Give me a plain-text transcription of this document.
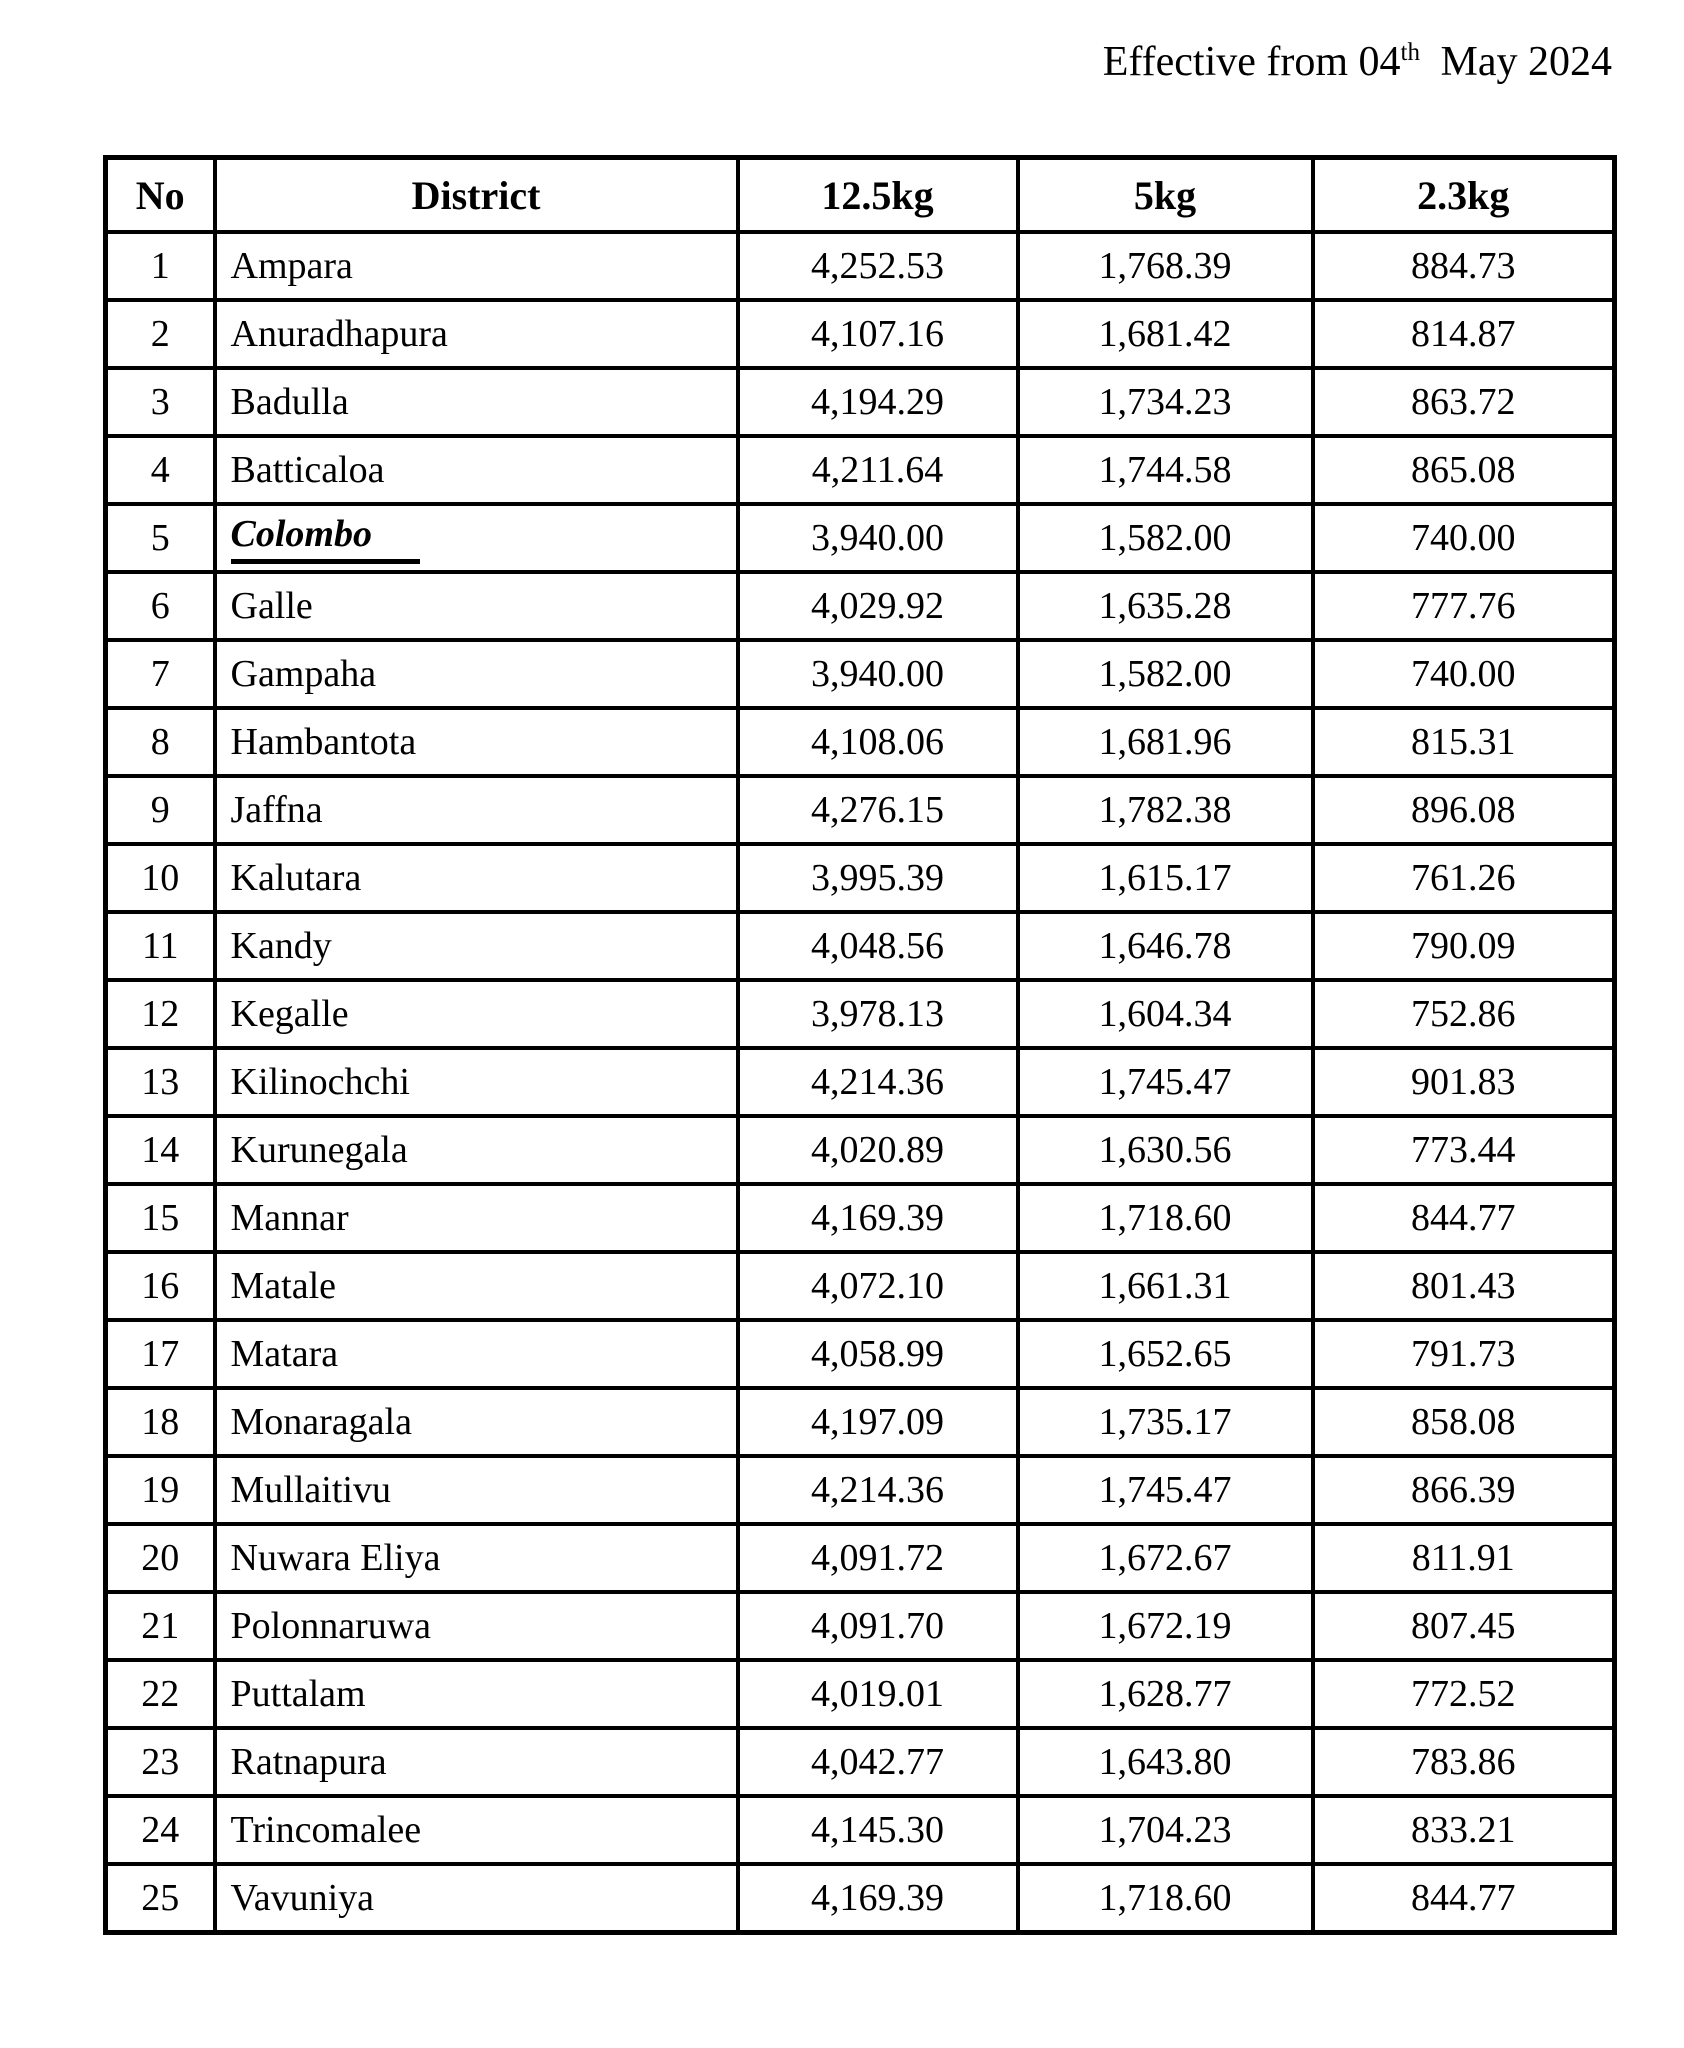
Effective from 04th May 2024
No	District	12.5kg	5kg	2.3kg
1	Ampara	4,252.53	1,768.39	884.73
2	Anuradhapura	4,107.16	1,681.42	814.87
3	Badulla	4,194.29	1,734.23	863.72
4	Batticaloa	4,211.64	1,744.58	865.08
5	Colombo	3,940.00	1,582.00	740.00
6	Galle	4,029.92	1,635.28	777.76
7	Gampaha	3,940.00	1,582.00	740.00
8	Hambantota	4,108.06	1,681.96	815.31
9	Jaffna	4,276.15	1,782.38	896.08
10	Kalutara	3,995.39	1,615.17	761.26
11	Kandy	4,048.56	1,646.78	790.09
12	Kegalle	3,978.13	1,604.34	752.86
13	Kilinochchi	4,214.36	1,745.47	901.83
14	Kurunegala	4,020.89	1,630.56	773.44
15	Mannar	4,169.39	1,718.60	844.77
16	Matale	4,072.10	1,661.31	801.43
17	Matara	4,058.99	1,652.65	791.73
18	Monaragala	4,197.09	1,735.17	858.08
19	Mullaitivu	4,214.36	1,745.47	866.39
20	Nuwara Eliya	4,091.72	1,672.67	811.91
21	Polonnaruwa	4,091.70	1,672.19	807.45
22	Puttalam	4,019.01	1,628.77	772.52
23	Ratnapura	4,042.77	1,643.80	783.86
24	Trincomalee	4,145.30	1,704.23	833.21
25	Vavuniya	4,169.39	1,718.60	844.77
